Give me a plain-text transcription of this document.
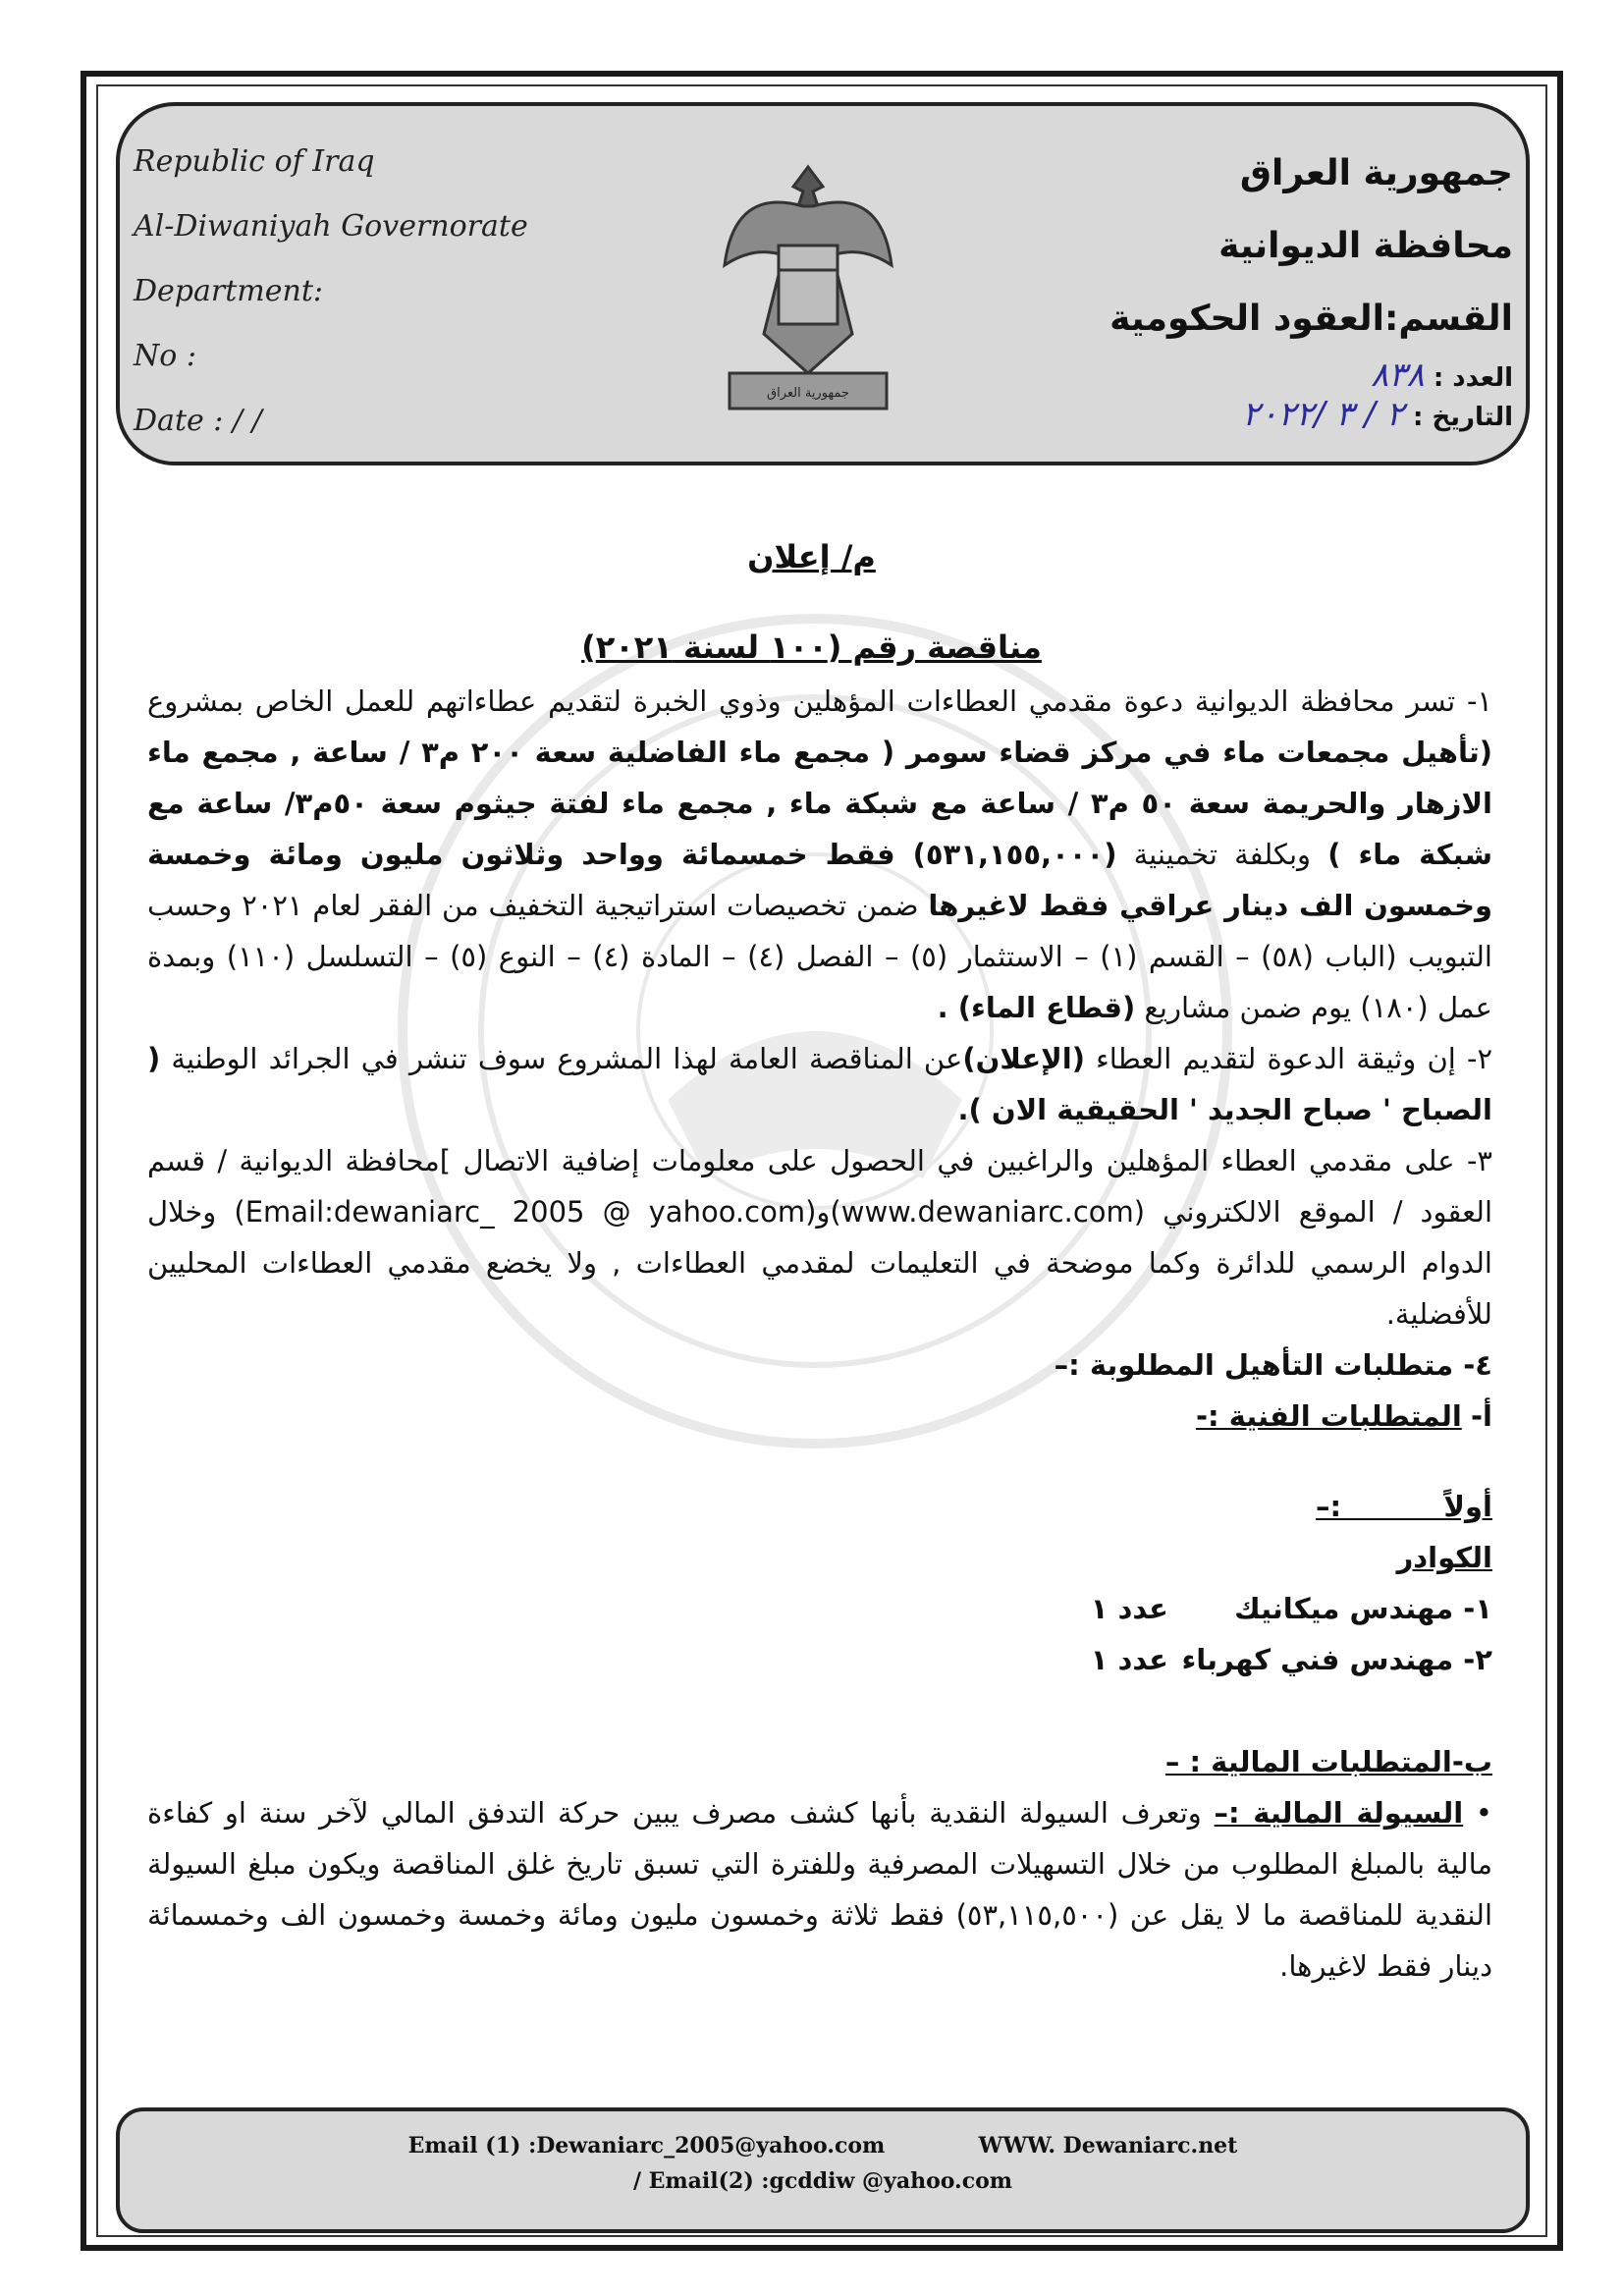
Republic of Iraq
Al-Diwaniyah Governorate
Department:
No :
Date : / /
جمهورية العراق
جمهورية العراق
محافظة الديوانية
القسم:العقود الحكومية
العدد : ٨٣٨
التاريخ : ٢ / ٣ /٢٠٢٢
م/ إعلان
مناقصة رقم (١٠٠ لسنة ٢٠٢١)

١- تسر محافظة الديوانية دعوة مقدمي العطاءات المؤهلين وذوي الخبرة لتقديم عطاءاتهم للعمل الخاص بمشروع (تأهيل مجمعات ماء في مركز قضاء سومر ( مجمع ماء الفاضلية سعة ٢٠٠ م٣ / ساعة , مجمع ماء الازهار والحريمة سعة ٥٠ م٣ / ساعة مع شبكة ماء , مجمع ماء لفتة جيثوم سعة ٥٠م٣/ ساعة مع شبكة ماء ) وبكلفة تخمينية (٥٣١,١٥٥,٠٠٠) فقط خمسمائة وواحد وثلاثون مليون ومائة وخمسة وخمسون الف دينار عراقي فقط لاغيرها ضمن تخصيصات استراتيجية التخفيف من الفقر لعام ٢٠٢١ وحسب التبويب (الباب (٥٨) – القسم (١) – الاستثمار (٥) – الفصل (٤) – المادة (٤) – النوع (٥) – التسلسل (١١٠) وبمدة عمل (١٨٠) يوم ضمن مشاريع (قطاع الماء) .

٢- إن وثيقة الدعوة لتقديم العطاء (الإعلان)عن المناقصة العامة لهذا المشروع سوف تنشر في الجرائد الوطنية ( الصباح ' صباح الجديد ' الحقيقية الان ).

٣- على مقدمي العطاء المؤهلين والراغبين في الحصول على معلومات إضافية الاتصال ]محافظة الديوانية / قسم العقود / الموقع الالكتروني (www.dewaniarc.com)و(Email:dewaniarc_ 2005 @ yahoo.com) وخلال الدوام الرسمي للدائرة وكما موضحة في التعليمات لمقدمي العطاءات , ولا يخضع مقدمي العطاءات المحليين للأفضلية.

٤- متطلبات التأهيل المطلوبة :–

أ- المتطلبات الفنية :-

أولاً :– الكوادر

١- مهندس ميكانيك
عدد ١
٢- مهندس فني كهرباء
عدد ١

ب-المتطلبات المالية : –

• السيولة المالية :– وتعرف السيولة النقدية بأنها كشف مصرف يبين حركة التدفق المالي لآخر سنة او كفاءة مالية بالمبلغ المطلوب من خلال التسهيلات المصرفية وللفترة التي تسبق تاريخ غلق المناقصة ويكون مبلغ السيولة النقدية للمناقصة ما لا يقل عن (٥٣,١١٥,٥٠٠) فقط ثلاثة وخمسون مليون ومائة وخمسة وخمسون الف وخمسمائة دينار فقط لاغيرها.

Email (1) :Dewaniarc_2005@yahoo.com	WWW. Dewaniarc.net
/ Email(2) :gcddiw @yahoo.com
